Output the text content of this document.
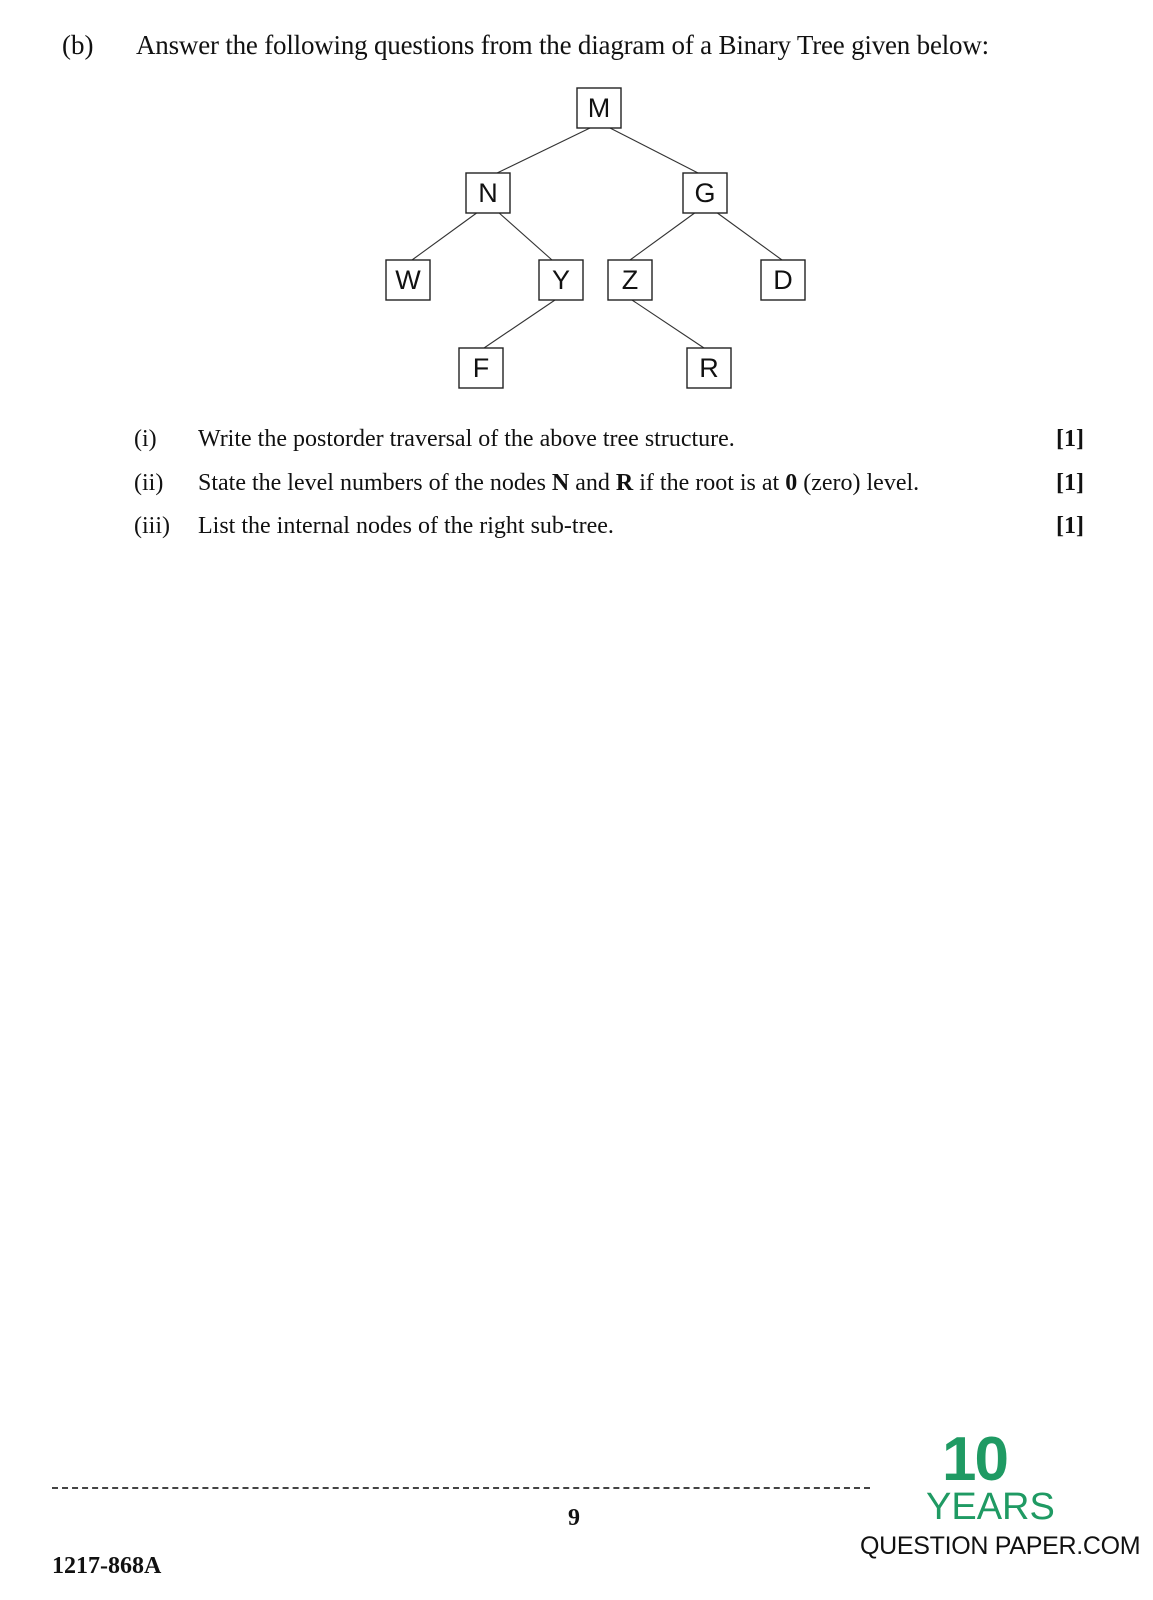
(b) Answer the following questions from the diagram of a Binary Tree given below:
M
N	G
W	Y Z	D
F	R
(i) Write the postorder traversal of the above tree structure.	[1]
(ii) State the level numbers of the nodes N and R if the root is at 0 (zero) level.	[1]
(iii) List the internal nodes of the right sub-tree.	[1]
9
1217-868A
10
YEARS
QUESTION PAPER.COM
